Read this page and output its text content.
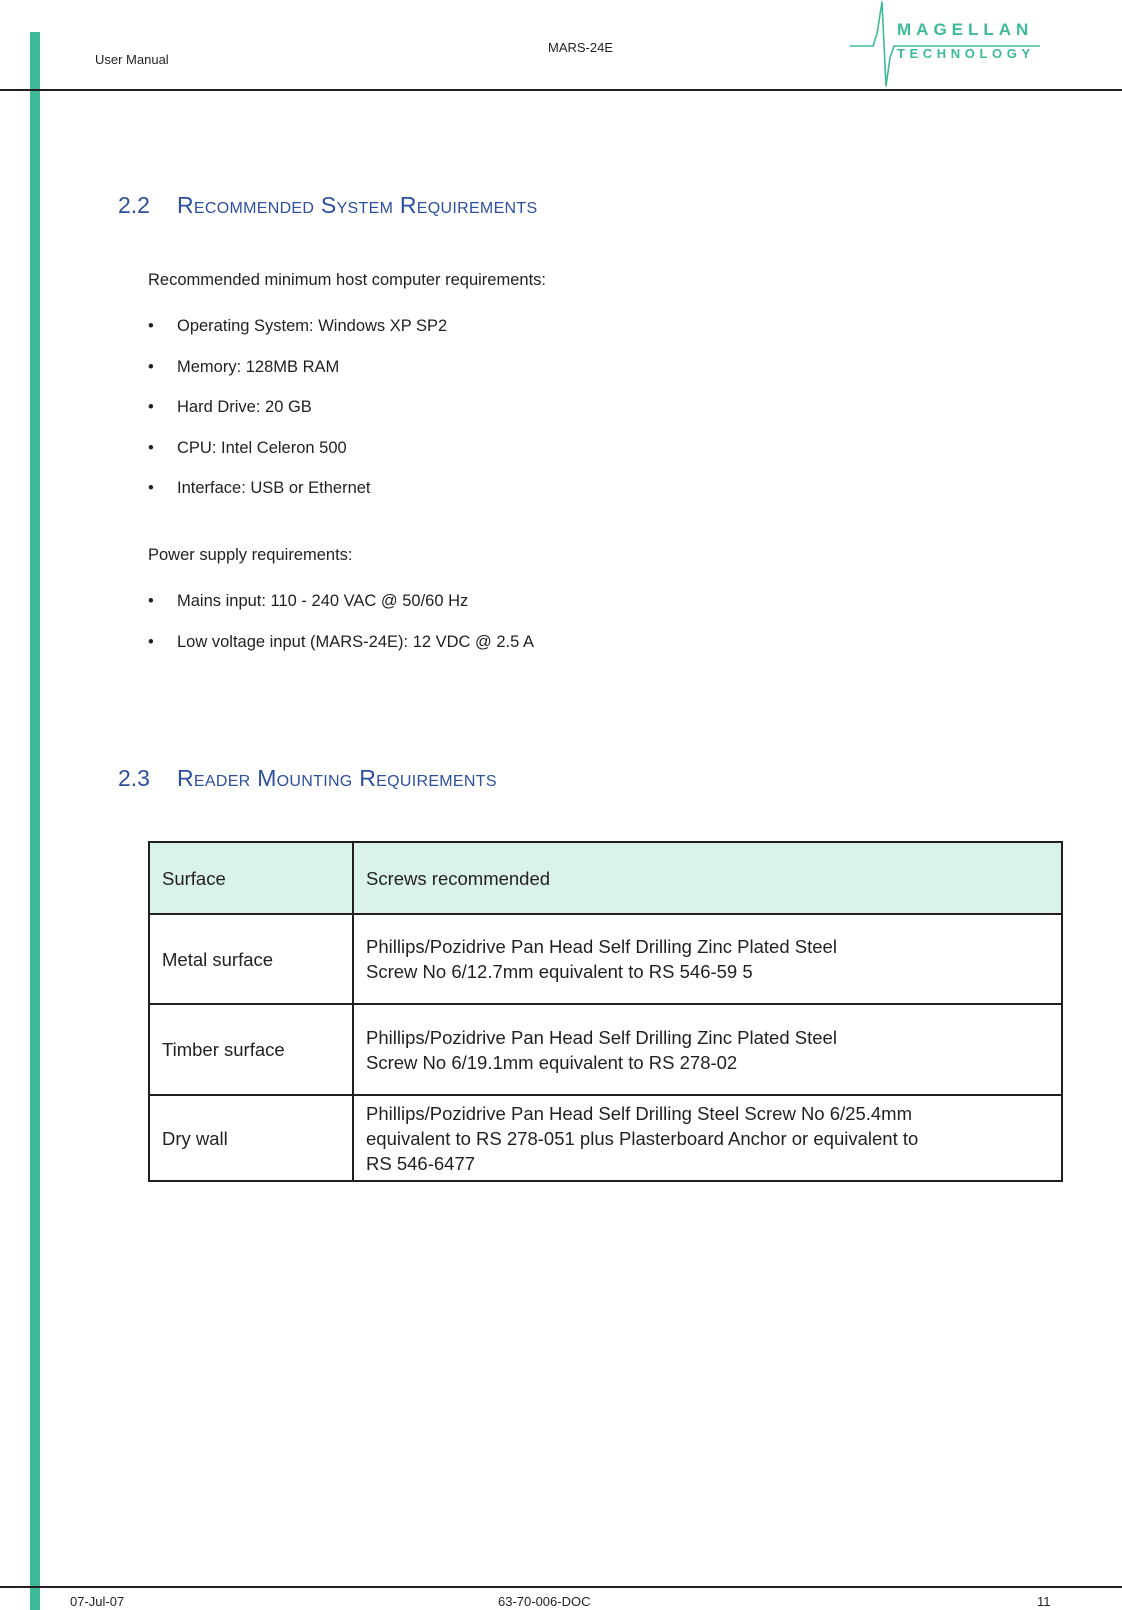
User Manual
MARS-24E
MAGELLAN
TECHNOLOGY
2.2 Recommended System Requirements
Recommended minimum host computer requirements:
• Operating System: Windows XP SP2
• Memory: 128MB RAM
• Hard Drive: 20 GB
• CPU: Intel Celeron 500
• Interface: USB or Ethernet
Power supply requirements:
• Mains input: 110 - 240 VAC @ 50/60 Hz
• Low voltage input (MARS-24E): 12 VDC @ 2.5 A
2.3 Reader Mounting Requirements
Surface	Screws recommended
Metal surface	Phillips/Pozidrive Pan Head Self Drilling Zinc Plated Steel
Screw No 6/12.7mm equivalent to RS 546-59 5
Timber surface	Phillips/Pozidrive Pan Head Self Drilling Zinc Plated Steel
Screw No 6/19.1mm equivalent to RS 278-02
Dry wall	Phillips/Pozidrive Pan Head Self Drilling Steel Screw No 6/25.4mm
equivalent to RS 278-051 plus Plasterboard Anchor or equivalent to
RS 546-6477
07-Jul-07	63-70-006-DOC	11
